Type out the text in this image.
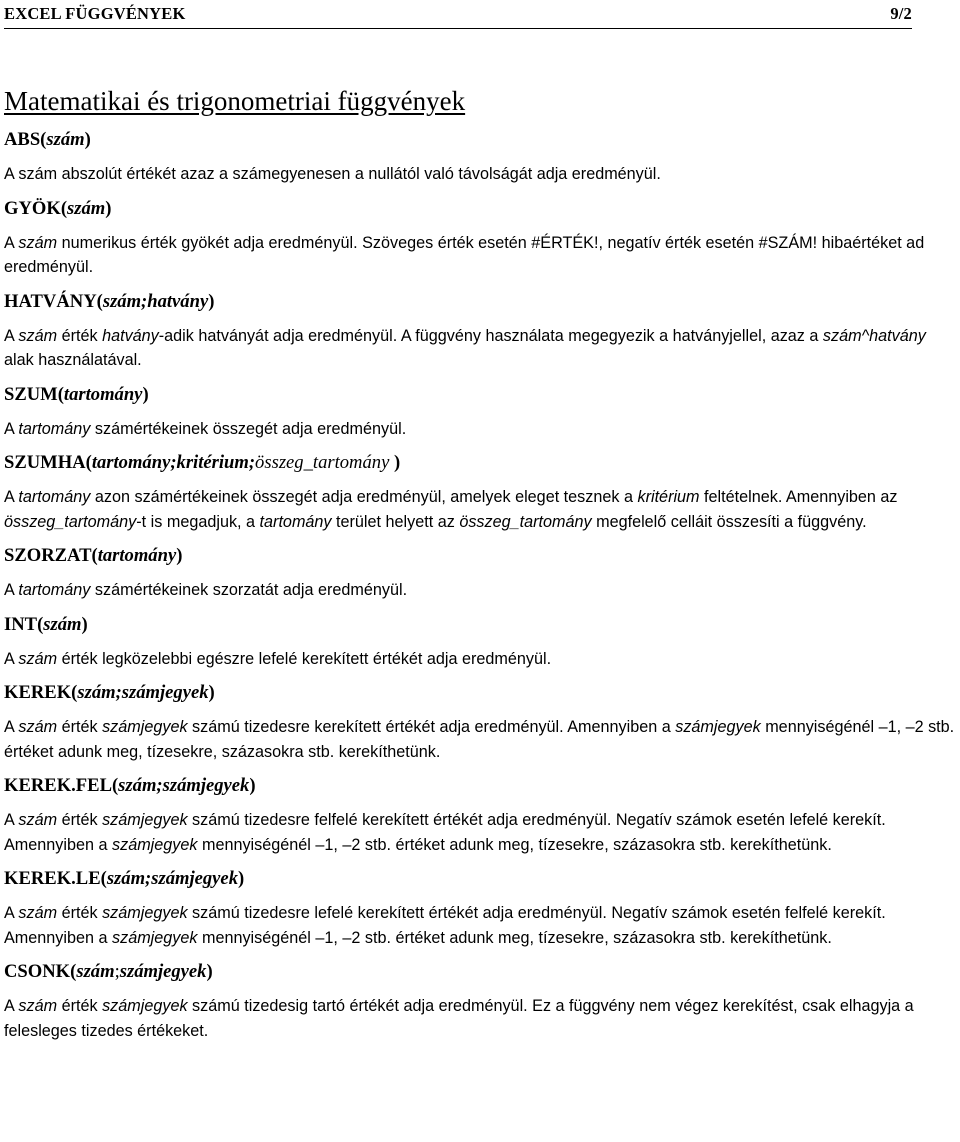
EXCEL FÜGGVÉNYEK	9/2
Matematikai és trigonometriai függvények

ABS(szám)

A szám abszolút értékét azaz a számegyenesen a nullától való távolságát adja eredményül.

GYÖK(szám)

A szám numerikus érték gyökét adja eredményül. Szöveges érték esetén #ÉRTÉK!, negatív érték esetén #SZÁM! hibaértéket ad eredményül.

HATVÁNY(szám;hatvány)

A szám érték hatvány-adik hatványát adja eredményül. A függvény használata megegyezik a hatványjellel, azaz a szám^hatvány alak használatával.

SZUM(tartomány)

A tartomány számértékeinek összegét adja eredményül.

SZUMHA(tartomány;kritérium;összeg_tartomány )

A tartomány azon számértékeinek összegét adja eredményül, amelyek eleget tesznek a kritérium feltételnek. Amennyiben az összeg_tartomány-t is megadjuk, a tartomány terület helyett az összeg_tartomány megfelelő celláit összesíti a függvény.

SZORZAT(tartomány)

A tartomány számértékeinek szorzatát adja eredményül.

INT(szám)

A szám érték legközelebbi egészre lefelé kerekített értékét adja eredményül.

KEREK(szám;számjegyek)

A szám érték számjegyek számú tizedesre kerekített értékét adja eredményül. Amennyiben a számjegyek mennyiségénél –1, –2 stb. értéket adunk meg, tízesekre, százasokra stb. kerekíthetünk.

KEREK.FEL(szám;számjegyek)

A szám érték számjegyek számú tizedesre felfelé kerekített értékét adja eredményül. Negatív számok esetén lefelé kerekít. Amennyiben a számjegyek mennyiségénél –1, –2 stb. értéket adunk meg, tízesekre, százasokra stb. kerekíthetünk.

KEREK.LE(szám;számjegyek)

A szám érték számjegyek számú tizedesre lefelé kerekített értékét adja eredményül. Negatív számok esetén felfelé kerekít. Amennyiben a számjegyek mennyiségénél –1, –2 stb. értéket adunk meg, tízesekre, százasokra stb. kerekíthetünk.

CSONK(szám;számjegyek)

A szám érték számjegyek számú tizedesig tartó értékét adja eredményül. Ez a függvény nem végez kerekítést, csak elhagyja a felesleges tizedes értékeket.
